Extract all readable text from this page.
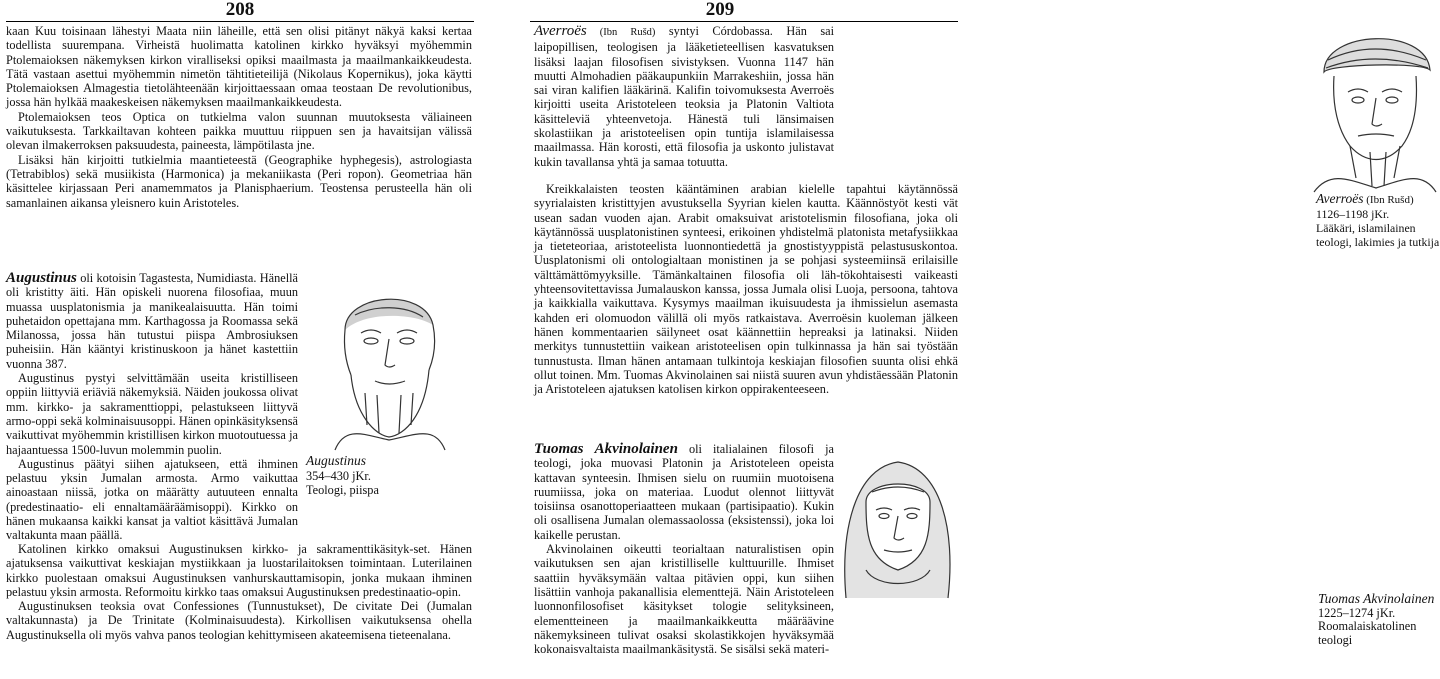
208

kaan Kuu toisinaan lähestyi Maata niin läheille, että sen olisi pitänyt näkyä kaksi kertaa todellista suurempana. Virheistä huolimatta katolinen kirkko hyväksyi myöhemmin Ptolemaioksen näkemyksen kirkon viralliseksi opiksi maailmasta ja maailmankaikkeudesta. Tätä vastaan asettui myöhemmin nimetön tähtitieteilijä (Nikolaus Kopernikus), joka käytti Ptolemaioksen Almagestia tietolähteenään kirjoittaessaan omaa teostaan De revolutionibus, jossa hän hylkää maakeskeisen näkemyksen maailmankaikkeudesta.

Ptolemaioksen teos Optica on tutkielma valon suunnan muutoksesta väliaineen vaikutuksesta. Tarkkailtavan kohteen paikka muuttuu riippuen sen ja havaitsijan välissä olevan ilmakerroksen paksuudesta, paineesta, lämpötilasta jne.

Lisäksi hän kirjoitti tutkielmia maantieteestä (Geographike hyphegesis), astrologiasta (Tetrabiblos) sekä musiikista (Harmonica) ja mekaniikasta (Peri ropon). Geometriaa hän käsittelee kirjassaan Peri anamemmatos ja Planisphaerium. Teostensa perusteella hän oli samanlainen aikansa yleisnero kuin Aristoteles.

Augustinus oli kotoisin Tagastesta, Numidiasta. Hänellä oli kristitty äiti. Hän opiskeli nuorena filosofiaa, muun muassa uusplatonismia ja manikealaisuutta. Hän toimi puhetaidon opettajana mm. Karthagossa ja Roomassa sekä Milanossa, jossa hän tutustui piispa Ambrosiuksen puheisiin. Hän kääntyi kristinuskoon ja hänet kastettiin vuonna 387.

Augustinus pystyi selvittämään useita kristilliseen oppiin liittyviä eriäviä näkemyksiä. Näiden joukossa olivat mm. kirkko- ja sakramenttioppi, pelastukseen liittyvä armo-oppi sekä kolminaisuusoppi. Hänen opinkäsityksensä vaikuttivat myöhemmin kristillisen kirkon muotoutuessa ja hajaantuessa 1500-luvun molemmin puolin.

Augustinus päätyi siihen ajatukseen, että ihminen pelastuu yksin Jumalan armosta. Armo vaikuttaa ainoastaan niissä, jotka on määrätty autuuteen ennalta (predestinaatio- eli ennaltamääräämisoppi). Kirkko on hänen mukaansa kaikki kansat ja valtiot käsittävä Jumalan valtakunta maan päällä.

Katolinen kirkko omaksui Augustinuksen kirkko- ja sakramenttikäsityk-set. Hänen ajatuksensa vaikuttivat keskiajan mystiikkaan ja luostarilaitoksen toimintaan. Luterilainen kirkko puolestaan omaksui Augustinuksen vanhurskauttamisopin, jonka mukaan ihminen pelastuu yksin armosta. Reformoitu kirkko taas omaksui Augustinuksen predestinaatio-opin.

Augustinuksen teoksia ovat Confessiones (Tunnustukset), De civitate Dei (Jumalan valtakunnasta) ja De Trinitate (Kolminaisuudesta). Kirkollisen vaikutuksensa ohella Augustinuksella oli myös vahva panos teologian kehittymiseen akateemisena tieteenalana.

Augustinus
354–430 jKr.
Teologi, piispa
209

Averroës (Ibn Rušd) syntyi Córdobassa. Hän sai laipopillisen, teologisen ja lääketieteellisen kasvatuksen lisäksi laajan filosofisen sivistyksen. Vuonna 1147 hän muutti Almohadien pääkaupunkiin Marrakeshiin, jossa hän sai viran kalifien lääkärinä. Kalifin toivomuksesta Averroës kirjoitti useita Aristoteleen teoksia ja Platonin Valtiota käsitteleviä yhteenvetoja. Hänestä tuli länsimaisen skolastiikan ja aristoteelisen opin tuntija islamilaisessa maailmassa. Hän korosti, että filosofia ja uskonto julistavat kukin tavallansa yhtä ja samaa totuutta.

Kreikkalaisten teosten kääntäminen arabian kielelle tapahtui käytännössä syyrialaisten kristittyjen avustuksella Syyrian kielen kautta. Käännöstyöt kesti vät usean sadan vuoden ajan. Arabit omaksuivat aristotelismin filosofiana, joka oli käytännössä uusplatonistinen synteesi, erikoinen yhdistelmä platonista metafysiikkaa ja tieteteoriaa, aristoteelista luonnontiedettä ja gnostistyyppistä pelastususkontoa. Uusplatonismi oli ontologialtaan monistinen ja se pohjasi systeemiinsä erilaisille välttämättömyyksille. Tämänkaltainen filosofia oli läh-tökohtaisesti vaikeasti yhteensovitettavissa Jumalauskon kanssa, jossa Jumala olisi Luoja, persoona, tahtova ja kaikkialla vaikuttava. Kysymys maailman ikuisuudesta ja ihmissielun asemasta kahden eri olomuodon välillä oli myös ratkaistava. Averroësin kuoleman jälkeen hänen kommentaarien säilyneet osat käännettiin hepreaksi ja latinaksi. Niiden merkitys tunnustettiin vaikean aristoteelisen opin tulkinnassa ja hän sai työstään tunnustusta. Ilman hänen antamaan tulkintoja keskiajan filosofien suunta olisi ehkä ollut toinen. Mm. Tuomas Akvinolainen sai niistä suuren avun yhdistäessään Platonin ja Aristoteleen ajatuksen katolisen kirkon oppirakenteeseen.

Averroës (Ibn Rušd)
1126–1198 jKr.
Lääkäri, islamilainen teologi, lakimies ja tutkija

Tuomas Akvinolainen oli italialainen filosofi ja teologi, joka muovasi Platonin ja Aristoteleen opeista kattavan synteesin. Ihmisen sielu on ruumiin muotoisena ruumiissa, joka on materiaa. Luodut olennot liittyvät toisiinsa osanottoperiaatteen mukaan (partisipaatio). Kukin oli osallisena Jumalan olemassaolossa (eksistenssi), joka loi kaikelle perustan.

Akvinolainen oikeutti teorialtaan naturalistisen opin vaikutuksen sen ajan kristilliselle kulttuurille. Ihmiset saattiin hyväksymään valtaa pitävien oppi, kun siihen lisättiin vanhoja pakanallisia elementtejä. Näin Aristoteleen luonnonfilosofiset käsitykset tologie selityksineen, elementteineen ja maailmankaikkeutta määräävine näkemyksineen tulivat osaksi skolastikkojen hyväksymää kokonaisvaltaista maailmankäsitystä. Se sisälsi sekä materi-

Tuomas Akvinolainen
1225–1274 jKr.
Roomalaiskatolinen teologi
